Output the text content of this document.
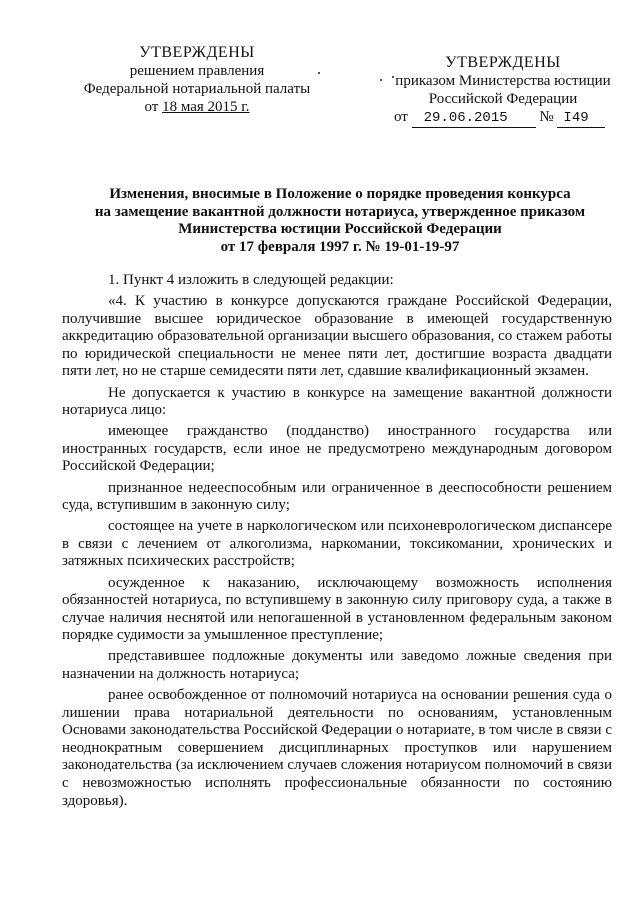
УТВЕРЖДЕНЫ
решением правления
Федеральной нотариальной палаты
от 18 мая 2015 г.
УТВЕРЖДЕНЫ
приказом Министерства юстиции
Российской Федерации
от 29.06.2015 № I49
Изменения, вносимые в Положение о порядке проведения конкурса
на замещение вакантной должности нотариуса, утвержденное приказом
Министерства юстиции Российской Федерации
от 17 февраля 1997 г. № 19-01-19-97

1. Пункт 4 изложить в следующей редакции:

«4. К участию в конкурсе допускаются граждане Российской Федерации, получившие высшее юридическое образование в имеющей государственную аккредитацию образовательной организации высшего образования, со стажем работы по юридической специальности не менее пяти лет, достигшие возраста двадцати пяти лет, но не старше семидесяти пяти лет, сдавшие квалификационный экзамен.

Не допускается к участию в конкурсе на замещение вакантной должности нотариуса лицо:

имеющее гражданство (подданство) иностранного государства или иностранных государств, если иное не предусмотрено международным договором Российской Федерации;

признанное недееспособным или ограниченное в дееспособности решением суда, вступившим в законную силу;

состоящее на учете в наркологическом или психоневрологическом диспансере в связи с лечением от алкоголизма, наркомании, токсикомании, хронических и затяжных психических расстройств;

осужденное к наказанию, исключающему возможность исполнения обязанностей нотариуса, по вступившему в законную силу приговору суда, а также в случае наличия неснятой или непогашенной в установленном федеральным законом порядке судимости за умышленное преступление;

представившее подложные документы или заведомо ложные сведения при назначении на должность нотариуса;

ранее освобожденное от полномочий нотариуса на основании решения суда о лишении права нотариальной деятельности по основаниям, установленным Основами законодательства Российской Федерации о нотариате, в том числе в связи с неоднократным совершением дисциплинарных проступков или нарушением законодательства (за исключением случаев сложения нотариусом полномочий в связи с невозможностью исполнять профессиональные обязанности по состоянию здоровья).
